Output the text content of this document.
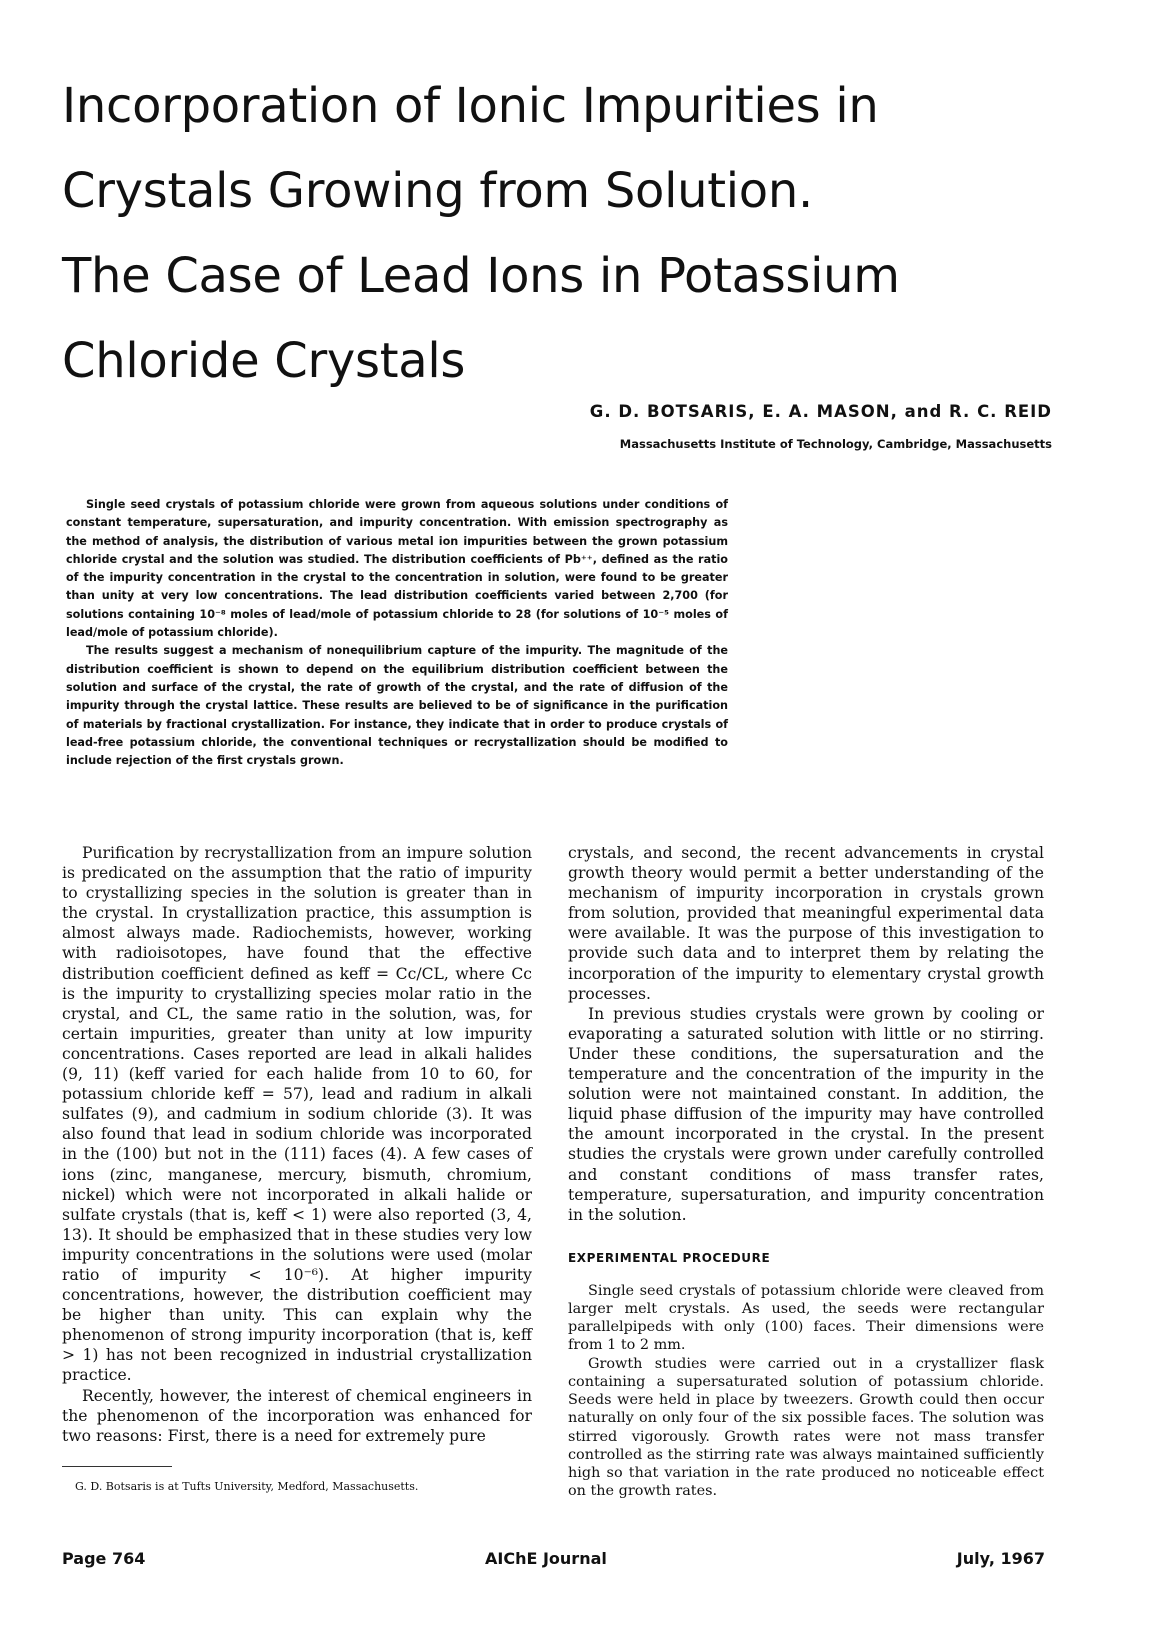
Incorporation of Ionic Impurities in
Crystals Growing from Solution.
The Case of Lead Ions in Potassium
Chloride Crystals
G. D. BOTSARIS, E. A. MASON, and R. C. REID
Massachusetts Institute of Technology, Cambridge, Massachusetts

Single seed crystals of potassium chloride were grown from aqueous solutions under conditions of constant temperature, supersaturation, and impurity concentration. With emission spectrography as the method of analysis, the distribution of various metal ion impurities between the grown potassium chloride crystal and the solution was studied. The distribution coefficients of Pb⁺⁺, defined as the ratio of the impurity concentration in the crystal to the concentration in solution, were found to be greater than unity at very low concentrations. The lead distribution coefficients varied between 2,700 (for solutions containing 10⁻⁸ moles of lead/mole of potassium chloride to 28 (for solutions of 10⁻⁵ moles of lead/mole of potassium chloride).

The results suggest a mechanism of nonequilibrium capture of the impurity. The magnitude of the distribution coefficient is shown to depend on the equilibrium distribution coefficient between the solution and surface of the crystal, the rate of growth of the crystal, and the rate of diffusion of the impurity through the crystal lattice. These results are believed to be of significance in the purification of materials by fractional crystallization. For instance, they indicate that in order to produce crystals of lead-free potassium chloride, the conventional techniques or recrystallization should be modified to include rejection of the first crystals grown.

Purification by recrystallization from an impure solution is predicated on the assumption that the ratio of impurity to crystallizing species in the solution is greater than in the crystal. In crystallization practice, this assumption is almost always made. Radiochemists, however, working with radioisotopes, have found that the effective distribution coefficient defined as keff = Cc/CL, where Cc is the impurity to crystallizing species molar ratio in the crystal, and CL, the same ratio in the solution, was, for certain impurities, greater than unity at low impurity concentrations. Cases reported are lead in alkali halides (9, 11) (keff varied for each halide from 10 to 60, for potassium chloride keff = 57), lead and radium in alkali sulfates (9), and cadmium in sodium chloride (3). It was also found that lead in sodium chloride was incorporated in the (100) but not in the (111) faces (4). A few cases of ions (zinc, manganese, mercury, bismuth, chromium, nickel) which were not incorporated in alkali halide or sulfate crystals (that is, keff < 1) were also reported (3, 4, 13). It should be emphasized that in these studies very low impurity concentrations in the solutions were used (molar ratio of impurity < 10⁻⁶). At higher impurity concentrations, however, the distribution coefficient may be higher than unity. This can explain why the phenomenon of strong impurity incorporation (that is, keff > 1) has not been recognized in industrial crystallization practice.

Recently, however, the interest of chemical engineers in the phenomenon of the incorporation was enhanced for two reasons: First, there is a need for extremely pure

crystals, and second, the recent advancements in crystal growth theory would permit a better understanding of the mechanism of impurity incorporation in crystals grown from solution, provided that meaningful experimental data were available. It was the purpose of this investigation to provide such data and to interpret them by relating the incorporation of the impurity to elementary crystal growth processes.

In previous studies crystals were grown by cooling or evaporating a saturated solution with little or no stirring. Under these conditions, the supersaturation and the temperature and the concentration of the impurity in the solution were not maintained constant. In addition, the liquid phase diffusion of the impurity may have controlled the amount incorporated in the crystal. In the present studies the crystals were grown under carefully controlled and constant conditions of mass transfer rates, temperature, supersaturation, and impurity concentration in the solution.

EXPERIMENTAL PROCEDURE

Single seed crystals of potassium chloride were cleaved from larger melt crystals. As used, the seeds were rectangular parallelpipeds with only (100) faces. Their dimensions were from 1 to 2 mm.

Growth studies were carried out in a crystallizer flask containing a supersaturated solution of potassium chloride. Seeds were held in place by tweezers. Growth could then occur naturally on only four of the six possible faces. The solution was stirred vigorously. Growth rates were not mass transfer controlled as the stirring rate was always maintained sufficiently high so that variation in the rate produced no noticeable effect on the growth rates.

G. D. Botsaris is at Tufts University, Medford, Massachusetts.
Page 764	AIChE Journal	July, 1967
